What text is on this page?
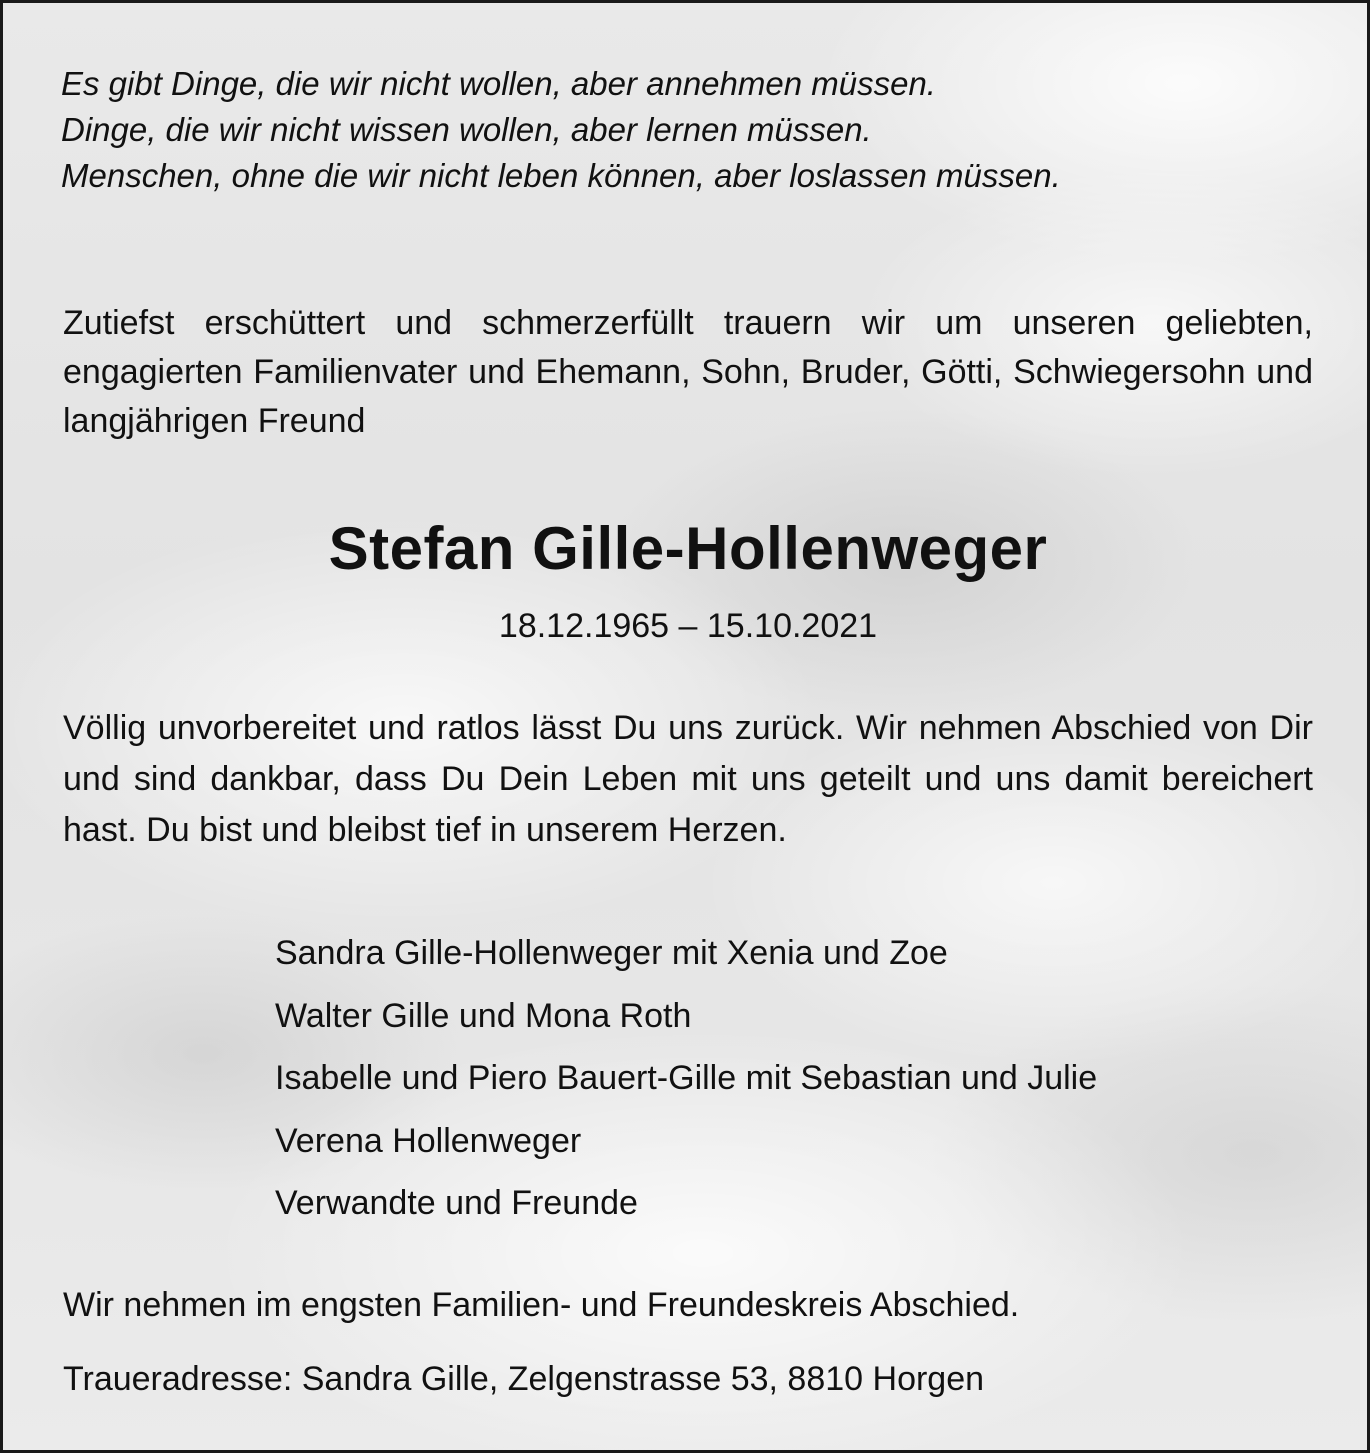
Es gibt Dinge, die wir nicht wollen, aber annehmen müssen.
Dinge, die wir nicht wissen wollen, aber lernen müssen.
Menschen, ohne die wir nicht leben können, aber loslassen müssen.

Zutiefst erschüttert und schmerzerfüllt trauern wir um unseren geliebten, engagierten Familienvater und Ehemann, Sohn, Bruder, Götti, Schwiegersohn und langjährigen Freund

Stefan Gille-Hollenweger

18.12.1965 – 15.10.2021

Völlig unvorbereitet und ratlos lässt Du uns zurück. Wir nehmen Abschied von Dir und sind dankbar, dass Du Dein Leben mit uns geteilt und uns damit bereichert hast. Du bist und bleibst tief in unserem Herzen.

Sandra Gille-Hollenweger mit Xenia und Zoe
Walter Gille und Mona Roth
Isabelle und Piero Bauert-Gille mit Sebastian und Julie
Verena Hollenweger
Verwandte und Freunde

Wir nehmen im engsten Familien- und Freundeskreis Abschied.

Traueradresse: Sandra Gille, Zelgenstrasse 53, 8810 Horgen
